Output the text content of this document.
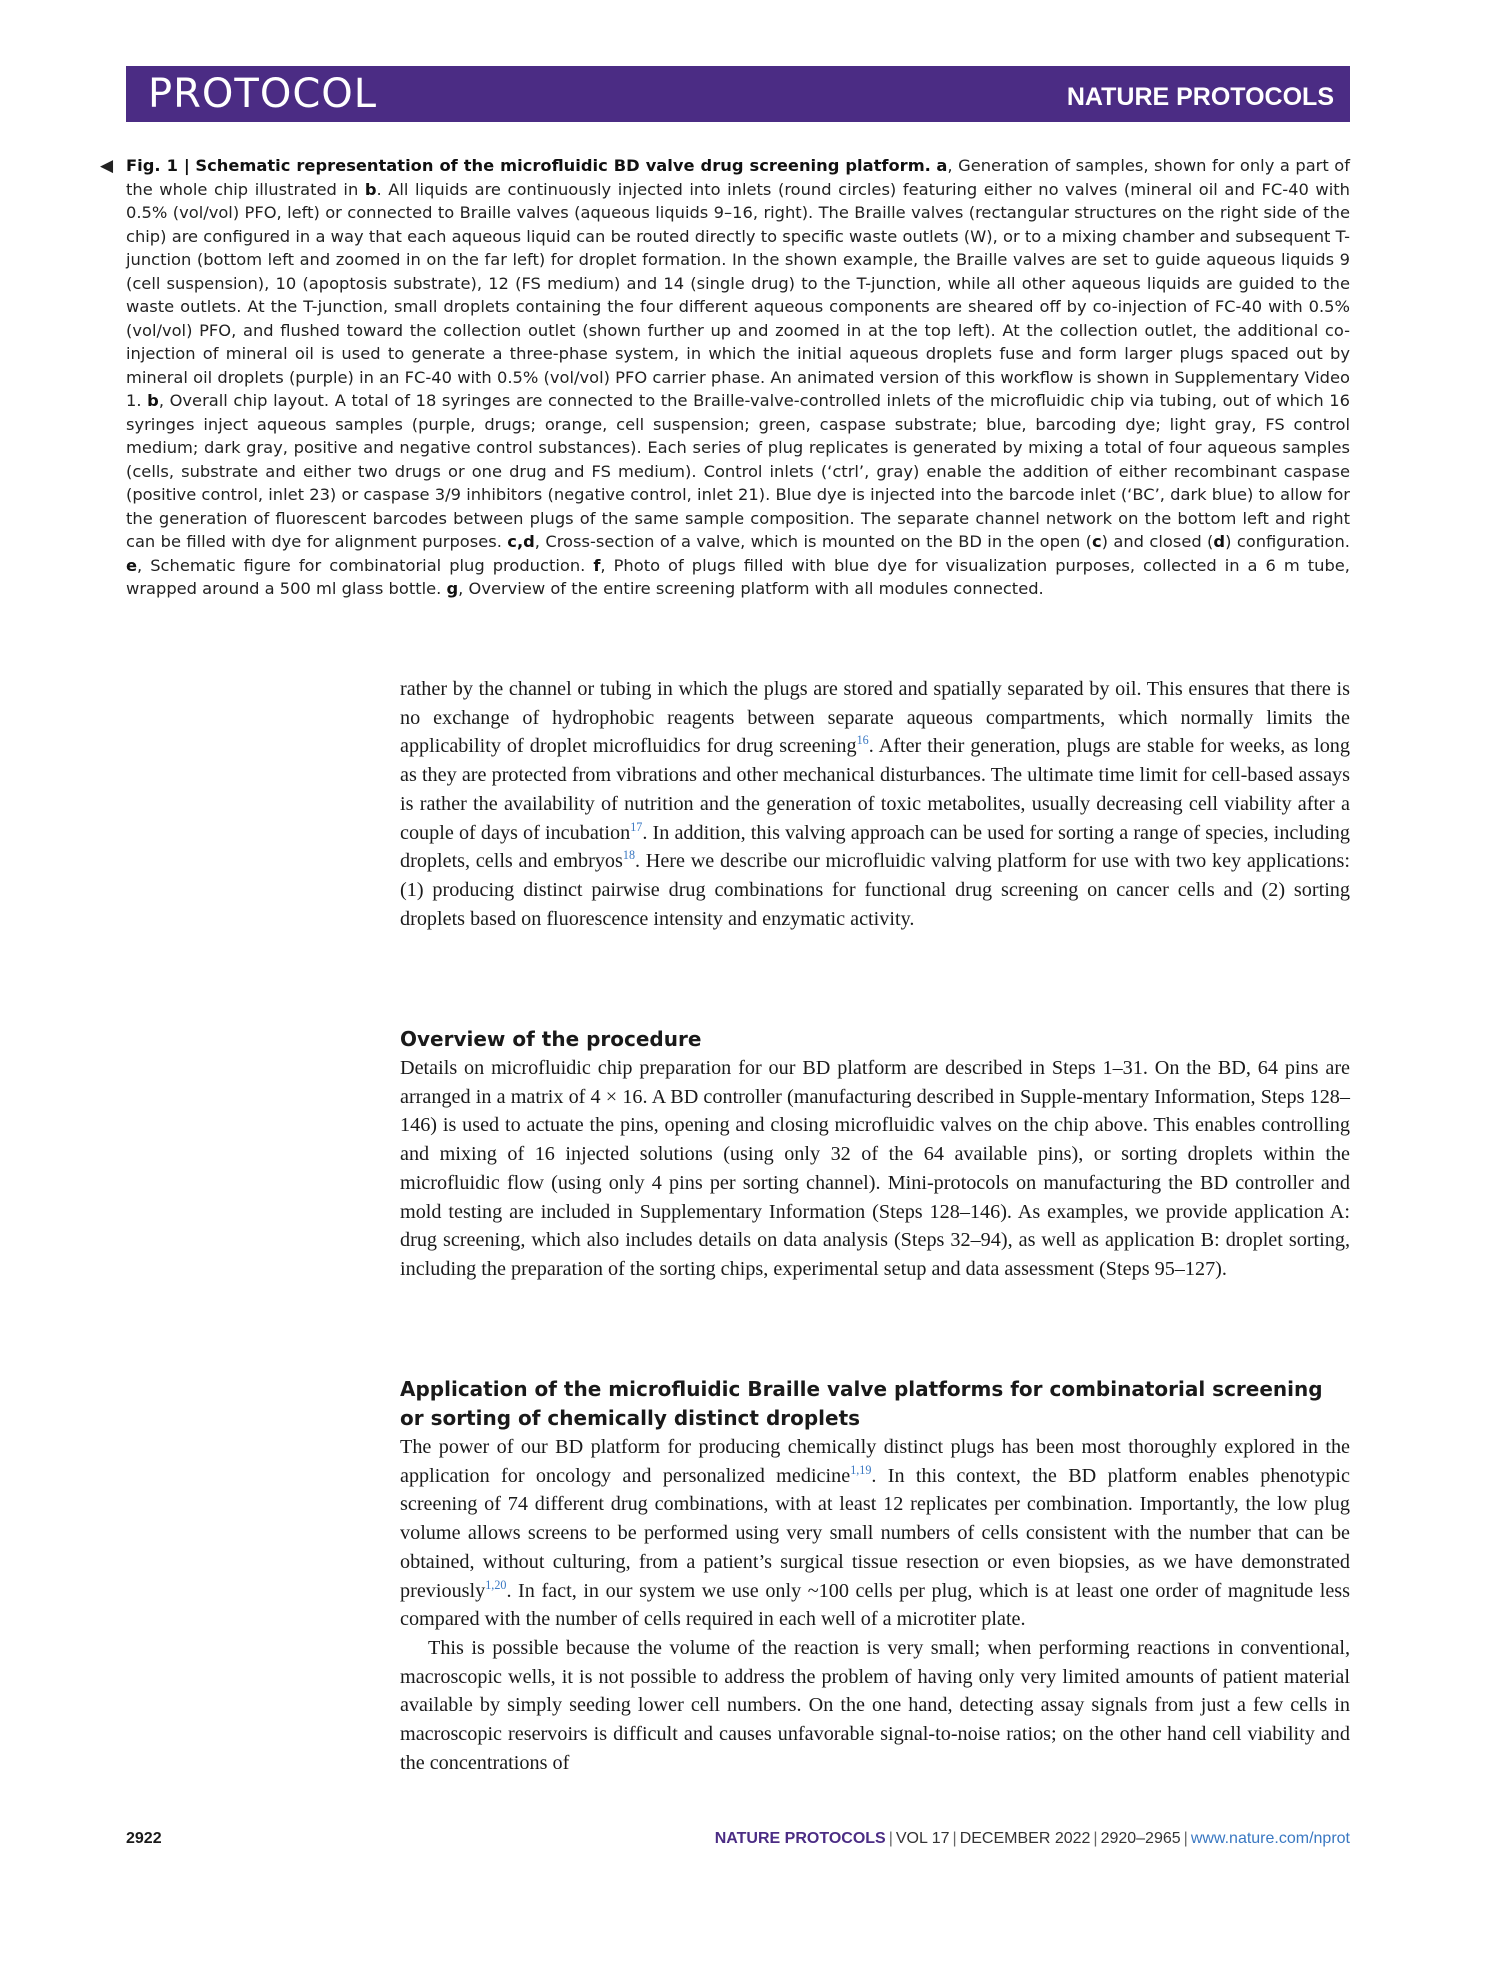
PROTOCOL	NATURE PROTOCOLS
◀ Fig. 1 | Schematic representation of the microfluidic BD valve drug screening platform. a, Generation of samples, shown for only a part of the whole chip illustrated in b. All liquids are continuously injected into inlets (round circles) featuring either no valves (mineral oil and FC-40 with 0.5% (vol/vol) PFO, left) or connected to Braille valves (aqueous liquids 9–16, right). The Braille valves (rectangular structures on the right side of the chip) are configured in a way that each aqueous liquid can be routed directly to specific waste outlets (W), or to a mixing chamber and subsequent T-junction (bottom left and zoomed in on the far left) for droplet formation. In the shown example, the Braille valves are set to guide aqueous liquids 9 (cell suspension), 10 (apoptosis substrate), 12 (FS medium) and 14 (single drug) to the T-junction, while all other aqueous liquids are guided to the waste outlets. At the T-junction, small droplets containing the four different aqueous components are sheared off by co-injection of FC-40 with 0.5% (vol/vol) PFO, and flushed toward the collection outlet (shown further up and zoomed in at the top left). At the collection outlet, the additional co-injection of mineral oil is used to generate a three-phase system, in which the initial aqueous droplets fuse and form larger plugs spaced out by mineral oil droplets (purple) in an FC-40 with 0.5% (vol/vol) PFO carrier phase. An animated version of this workflow is shown in Supplementary Video 1. b, Overall chip layout. A total of 18 syringes are connected to the Braille-valve-controlled inlets of the microfluidic chip via tubing, out of which 16 syringes inject aqueous samples (purple, drugs; orange, cell suspension; green, caspase substrate; blue, barcoding dye; light gray, FS control medium; dark gray, positive and negative control substances). Each series of plug replicates is generated by mixing a total of four aqueous samples (cells, substrate and either two drugs or one drug and FS medium). Control inlets (‘ctrl’, gray) enable the addition of either recombinant caspase (positive control, inlet 23) or caspase 3/9 inhibitors (negative control, inlet 21). Blue dye is injected into the barcode inlet (‘BC’, dark blue) to allow for the generation of fluorescent barcodes between plugs of the same sample composition. The separate channel network on the bottom left and right can be filled with dye for alignment purposes. c,d, Cross-section of a valve, which is mounted on the BD in the open (c) and closed (d) configuration. e, Schematic figure for combinatorial plug production. f, Photo of plugs filled with blue dye for visualization purposes, collected in a 6 m tube, wrapped around a 500 ml glass bottle. g, Overview of the entire screening platform with all modules connected.

rather by the channel or tubing in which the plugs are stored and spatially separated by oil. This ensures that there is no exchange of hydrophobic reagents between separate aqueous compartments, which normally limits the applicability of droplet microfluidics for drug screening$^{16}$. After their generation, plugs are stable for weeks, as long as they are protected from vibrations and other mechanical disturbances. The ultimate time limit for cell-based assays is rather the availability of nutrition and the generation of toxic metabolites, usually decreasing cell viability after a couple of days of incubation$^{17}$. In addition, this valving approach can be used for sorting a range of species, including droplets, cells and embryos$^{18}$. Here we describe our microfluidic valving platform for use with two key applications: (1) producing distinct pairwise drug combinations for functional drug screening on cancer cells and (2) sorting droplets based on fluorescence intensity and enzymatic activity.

Overview of the procedure

Details on microfluidic chip preparation for our BD platform are described in Steps 1–31. On the BD, 64 pins are arranged in a matrix of 4 × 16. A BD controller (manufacturing described in Supple-mentary Information, Steps 128–146) is used to actuate the pins, opening and closing microfluidic valves on the chip above. This enables controlling and mixing of 16 injected solutions (using only 32 of the 64 available pins), or sorting droplets within the microfluidic flow (using only 4 pins per sorting channel). Mini-protocols on manufacturing the BD controller and mold testing are included in Supplementary Information (Steps 128–146). As examples, we provide application A: drug screening, which also includes details on data analysis (Steps 32–94), as well as application B: droplet sorting, including the preparation of the sorting chips, experimental setup and data assessment (Steps 95–127).

Application of the microfluidic Braille valve platforms for combinatorial screening or sorting of chemically distinct droplets

The power of our BD platform for producing chemically distinct plugs has been most thoroughly explored in the application for oncology and personalized medicine$^{1,19}$. In this context, the BD platform enables phenotypic screening of 74 different drug combinations, with at least 12 replicates per combination. Importantly, the low plug volume allows screens to be performed using very small numbers of cells consistent with the number that can be obtained, without culturing, from a patient’s surgical tissue resection or even biopsies, as we have demonstrated previously$^{1,20}$. In fact, in our system we use only ~100 cells per plug, which is at least one order of magnitude less compared with the number of cells required in each well of a microtiter plate.

This is possible because the volume of the reaction is very small; when performing reactions in conventional, macroscopic wells, it is not possible to address the problem of having only very limited amounts of patient material available by simply seeding lower cell numbers. On the one hand, detecting assay signals from just a few cells in macroscopic reservoirs is difficult and causes unfavorable signal-to-noise ratios; on the other hand cell viability and the concentrations of

2922	NATURE PROTOCOLS | VOL 17 | DECEMBER 2022 | 2920–2965 | www.nature.com/nprot
